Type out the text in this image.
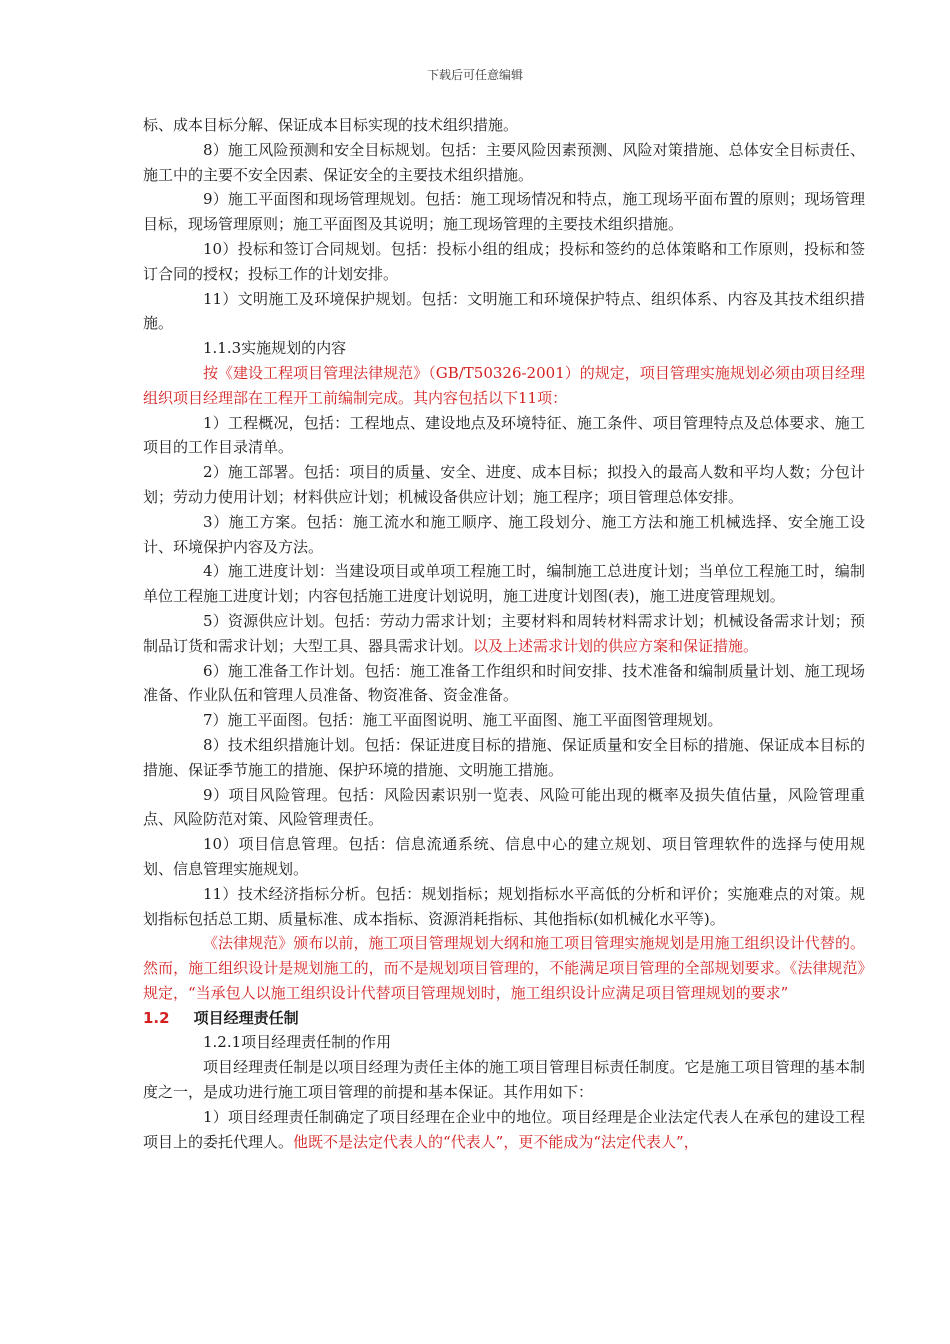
下载后可任意编辑

标、成本目标分解、保证成本目标实现的技术组织措施。

8）施工风险预测和安全目标规划。包括：主要风险因素预测、风险对策措施、总体安全目标责任、施工中的主要不安全因素、保证安全的主要技术组织措施。

9）施工平面图和现场管理规划。包括：施工现场情况和特点，施工现场平面布置的原则；现场管理目标，现场管理原则；施工平面图及其说明；施工现场管理的主要技术组织措施。

10）投标和签订合同规划。包括：投标小组的组成；投标和签约的总体策略和工作原则，投标和签订合同的授权；投标工作的计划安排。

11）文明施工及环境保护规划。包括：文明施工和环境保护特点、组织体系、内容及其技术组织措施。

1.1.3实施规划的内容

按《建设工程项目管理法律规范》（GB/T50326-2001）的规定，项目管理实施规划必须由项目经理组织项目经理部在工程开工前编制完成。其内容包括以下11项：

1）工程概况，包括：工程地点、建设地点及环境特征、施工条件、项目管理特点及总体要求、施工项目的工作目录清单。

2）施工部署。包括：项目的质量、安全、进度、成本目标；拟投入的最高人数和平均人数；分包计划；劳动力使用计划；材料供应计划；机械设备供应计划；施工程序；项目管理总体安排。

3）施工方案。包括：施工流水和施工顺序、施工段划分、施工方法和施工机械选择、安全施工设计、环境保护内容及方法。

4）施工进度计划：当建设项目或单项工程施工时，编制施工总进度计划；当单位工程施工时，编制单位工程施工进度计划；内容包括施工进度计划说明，施工进度计划图(表)，施工进度管理规划。

5）资源供应计划。包括：劳动力需求计划；主要材料和周转材料需求计划；机械设备需求计划；预制品订货和需求计划；大型工具、器具需求计划。以及上述需求计划的供应方案和保证措施。

6）施工准备工作计划。包括：施工准备工作组织和时间安排、技术准备和编制质量计划、施工现场准备、作业队伍和管理人员准备、物资准备、资金准备。

7）施工平面图。包括：施工平面图说明、施工平面图、施工平面图管理规划。

8）技术组织措施计划。包括：保证进度目标的措施、保证质量和安全目标的措施、保证成本目标的措施、保证季节施工的措施、保护环境的措施、文明施工措施。

9）项目风险管理。包括：风险因素识别一览表、风险可能出现的概率及损失值估量，风险管理重点、风险防范对策、风险管理责任。

10）项目信息管理。包括：信息流通系统、信息中心的建立规划、项目管理软件的选择与使用规划、信息管理实施规划。

11）技术经济指标分析。包括：规划指标；规划指标水平高低的分析和评价；实施难点的对策。规划指标包括总工期、质量标准、成本指标、资源消耗指标、其他指标(如机械化水平等)。

《法律规范》颁布以前，施工项目管理规划大纲和施工项目管理实施规划是用施工组织设计代替的。然而，施工组织设计是规划施工的，而不是规划项目管理的，不能满足项目管理的全部规划要求。《法律规范》规定，“当承包人以施工组织设计代替项目管理规划时，施工组织设计应满足项目管理规划的要求”

1.2 项目经理责任制

1.2.1项目经理责任制的作用

项目经理责任制是以项目经理为责任主体的施工项目管理目标责任制度。它是施工项目管理的基本制度之一，是成功进行施工项目管理的前提和基本保证。其作用如下：

1）项目经理责任制确定了项目经理在企业中的地位。项目经理是企业法定代表人在承包的建设工程项目上的委托代理人。他既不是法定代表人的“代表人”，更不能成为“法定代表人”，
